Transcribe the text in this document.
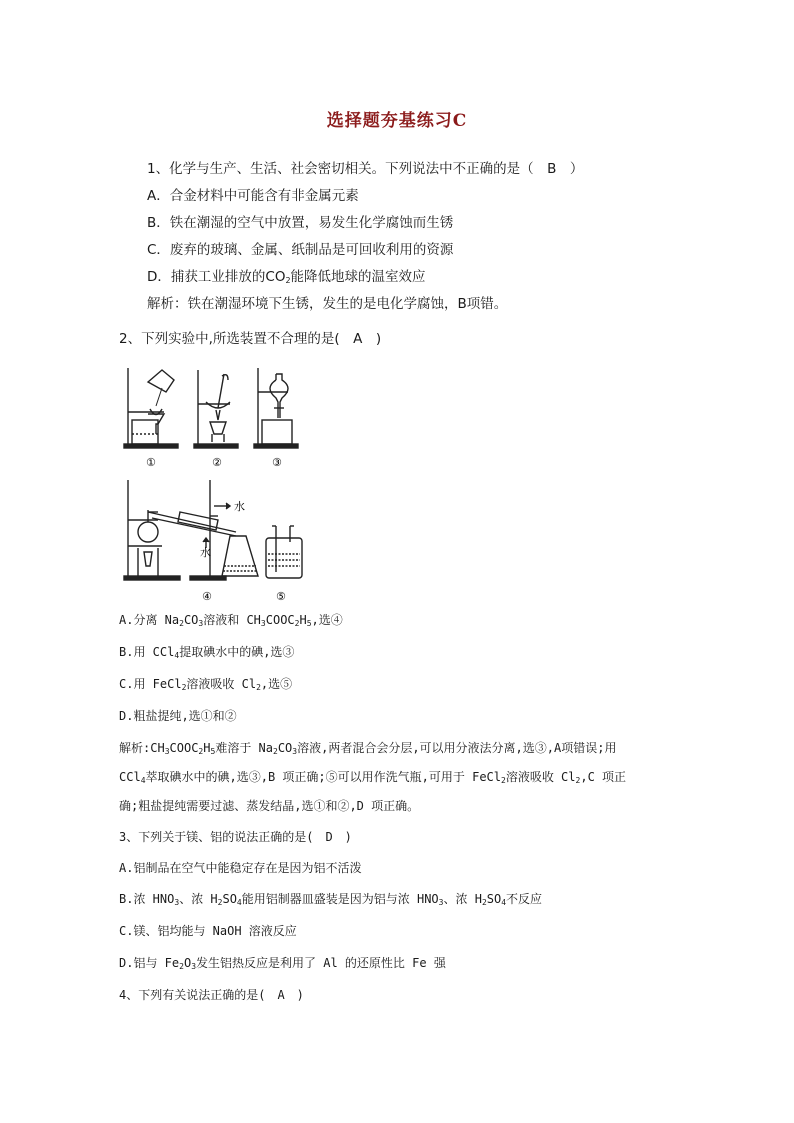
选择题夯基练习C
1、化学与生产、生活、社会密切相关。下列说法中不正确的是（　B　）
A．合金材料中可能含有非金属元素
B．铁在潮湿的空气中放置，易发生化学腐蚀而生锈
C．废弃的玻璃、金属、纸制品是可回收利用的资源
D．捕获工业排放的$CO_2$能降低地球的温室效应
解析：铁在潮湿环境下生锈，发生的是电化学腐蚀，B项错。
2、下列实验中,所选装置不合理的是(　A　)
①	②	③
水
水
④	⑤
A.分离 $Na_2CO_3$溶液和 $CH_3COOC_2H_5$,选④
B.用 CCl$_4$提取碘水中的碘,选③
C.用 FeCl$_2$溶液吸收 $Cl_2$,选⑤
D.粗盐提纯,选①和②
解析$:CH_3COOC_2H_5$难溶于 $Na_2CO_3$溶液,两者混合会分层,可以用分液法分离,选③,A项错误;用
CCl$_4$萃取碘水中的碘,选③,B 项正确;⑤可以用作洗气瓶,可用于 FeCl$_2$溶液吸收 $Cl_2,C$ 项正
确;粗盐提纯需要过滤、蒸发结晶,选①和②,D 项正确。
3、下列关于镁、铝的说法正确的是(　D　)
A.铝制品在空气中能稳定存在是因为铝不活泼
B.浓 $HNO_3$、浓 $H_2SO_4$能用铝制器皿盛装是因为铝与浓 $HNO_3$、浓 $H_2SO_4$不反应
C.镁、铝均能与 NaOH 溶液反应
D.铝与 $Fe_2O_3$发生铝热反应是利用了 Al 的还原性比 Fe 强
4、下列有关说法正确的是(　A　)
